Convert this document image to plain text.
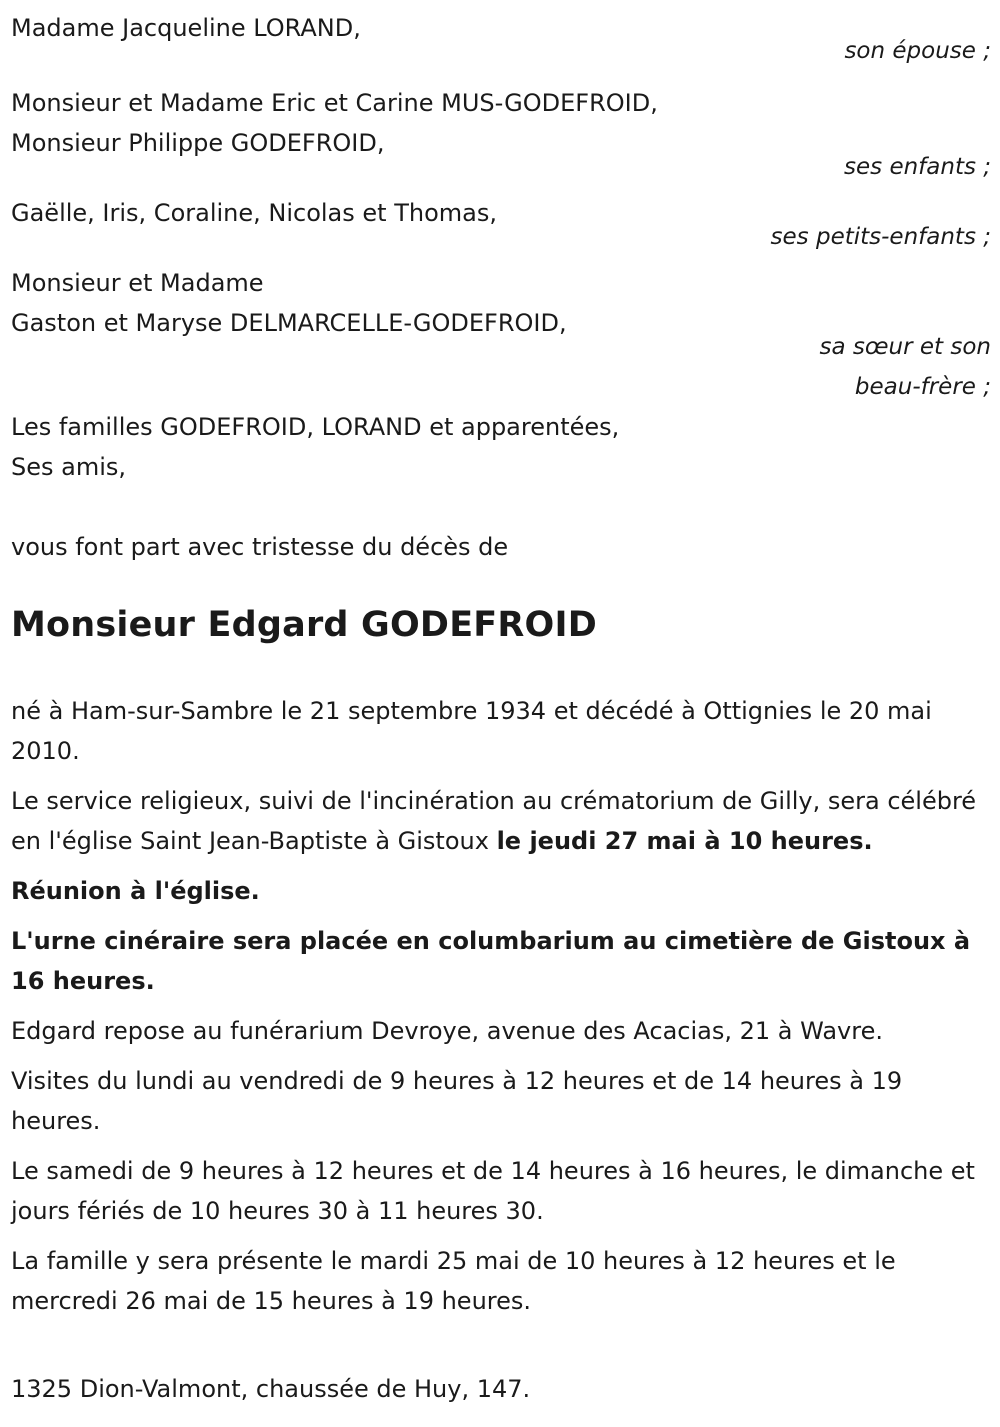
Madame Jacqueline LORAND,

son épouse ;

Monsieur et Madame Eric et Carine MUS-GODEFROID,

Monsieur Philippe GODEFROID,

ses enfants ;

Gaëlle, Iris, Coraline, Nicolas et Thomas,

ses petits-enfants ;

Monsieur et Madame

Gaston et Maryse DELMARCELLE-GODEFROID,

sa sœur et son

beau-frère ;

Les familles GODEFROID, LORAND et apparentées,

Ses amis,

vous font part avec tristesse du décès de

Monsieur Edgard GODEFROID

né à Ham-sur-Sambre le 21 septembre 1934 et décédé à Ottignies le 20 mai 2010.

Le service religieux, suivi de l'incinération au crématorium de Gilly, sera célébré en l'église Saint Jean-Baptiste à Gistoux le jeudi 27 mai à 10 heures.

Réunion à l'église.

L'urne cinéraire sera placée en columbarium au cimetière de Gistoux à 16 heures.

Edgard repose au funérarium Devroye, avenue des Acacias, 21 à Wavre.

Visites du lundi au vendredi de 9 heures à 12 heures et de 14 heures à 19 heures.

Le samedi de 9 heures à 12 heures et de 14 heures à 16 heures, le dimanche et jours fériés de 10 heures 30 à 11 heures 30.

La famille y sera présente le mardi 25 mai de 10 heures à 12 heures et le mercredi 26 mai de 15 heures à 19 heures.

1325 Dion-Valmont, chaussée de Huy, 147.
